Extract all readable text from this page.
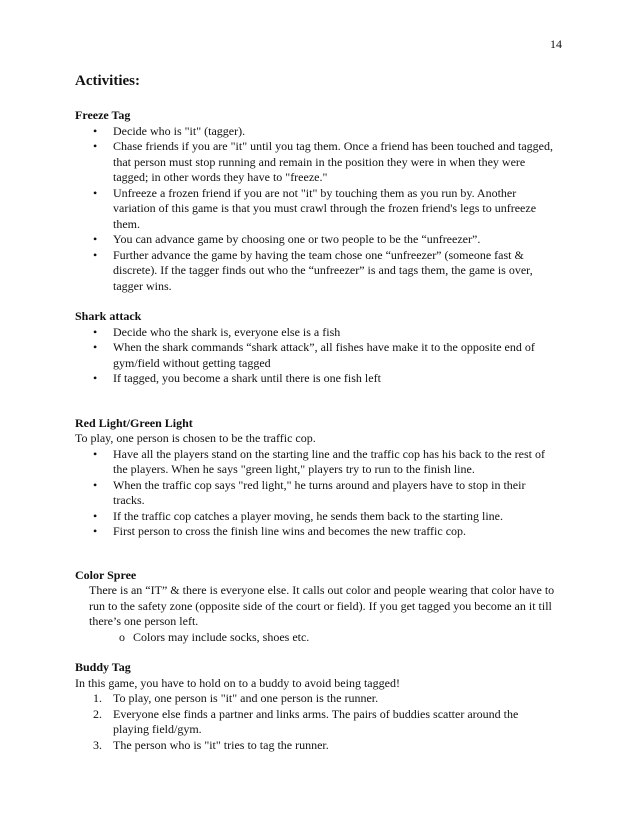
14

Activities:

Freeze Tag

• Decide who is "it" (tagger).
• Chase friends if you are "it" until you tag them. Once a friend has been touched and tagged, that person must stop running and remain in the position they were in when they were tagged; in other words they have to "freeze."
• Unfreeze a frozen friend if you are not "it" by touching them as you run by. Another variation of this game is that you must crawl through the frozen friend's legs to unfreeze them.
• You can advance game by choosing one or two people to be the “unfreezer”.
• Further advance the game by having the team chose one “unfreezer” (someone fast & discrete). If the tagger finds out who the “unfreezer” is and tags them, the game is over, tagger wins.

Shark attack

• Decide who the shark is, everyone else is a fish
• When the shark commands “shark attack”, all fishes have make it to the opposite end of gym/field without getting tagged
• If tagged, you become a shark until there is one fish left

Red Light/Green Light

To play, one person is chosen to be the traffic cop.

• Have all the players stand on the starting line and the traffic cop has his back to the rest of the players. When he says "green light," players try to run to the finish line.
• When the traffic cop says "red light," he turns around and players have to stop in their tracks.
• If the traffic cop catches a player moving, he sends them back to the starting line.
• First person to cross the finish line wins and becomes the new traffic cop.

Color Spree

There is an “IT” & there is everyone else. It calls out color and people wearing that color have to run to the safety zone (opposite side of the court or field). If you get tagged you become an it till there’s one person left.

o Colors may include socks, shoes etc.

Buddy Tag

In this game, you have to hold on to a buddy to avoid being tagged!

1. To play, one person is "it" and one person is the runner.
2. Everyone else finds a partner and links arms. The pairs of buddies scatter around the playing field/gym.
3. The person who is "it" tries to tag the runner.
